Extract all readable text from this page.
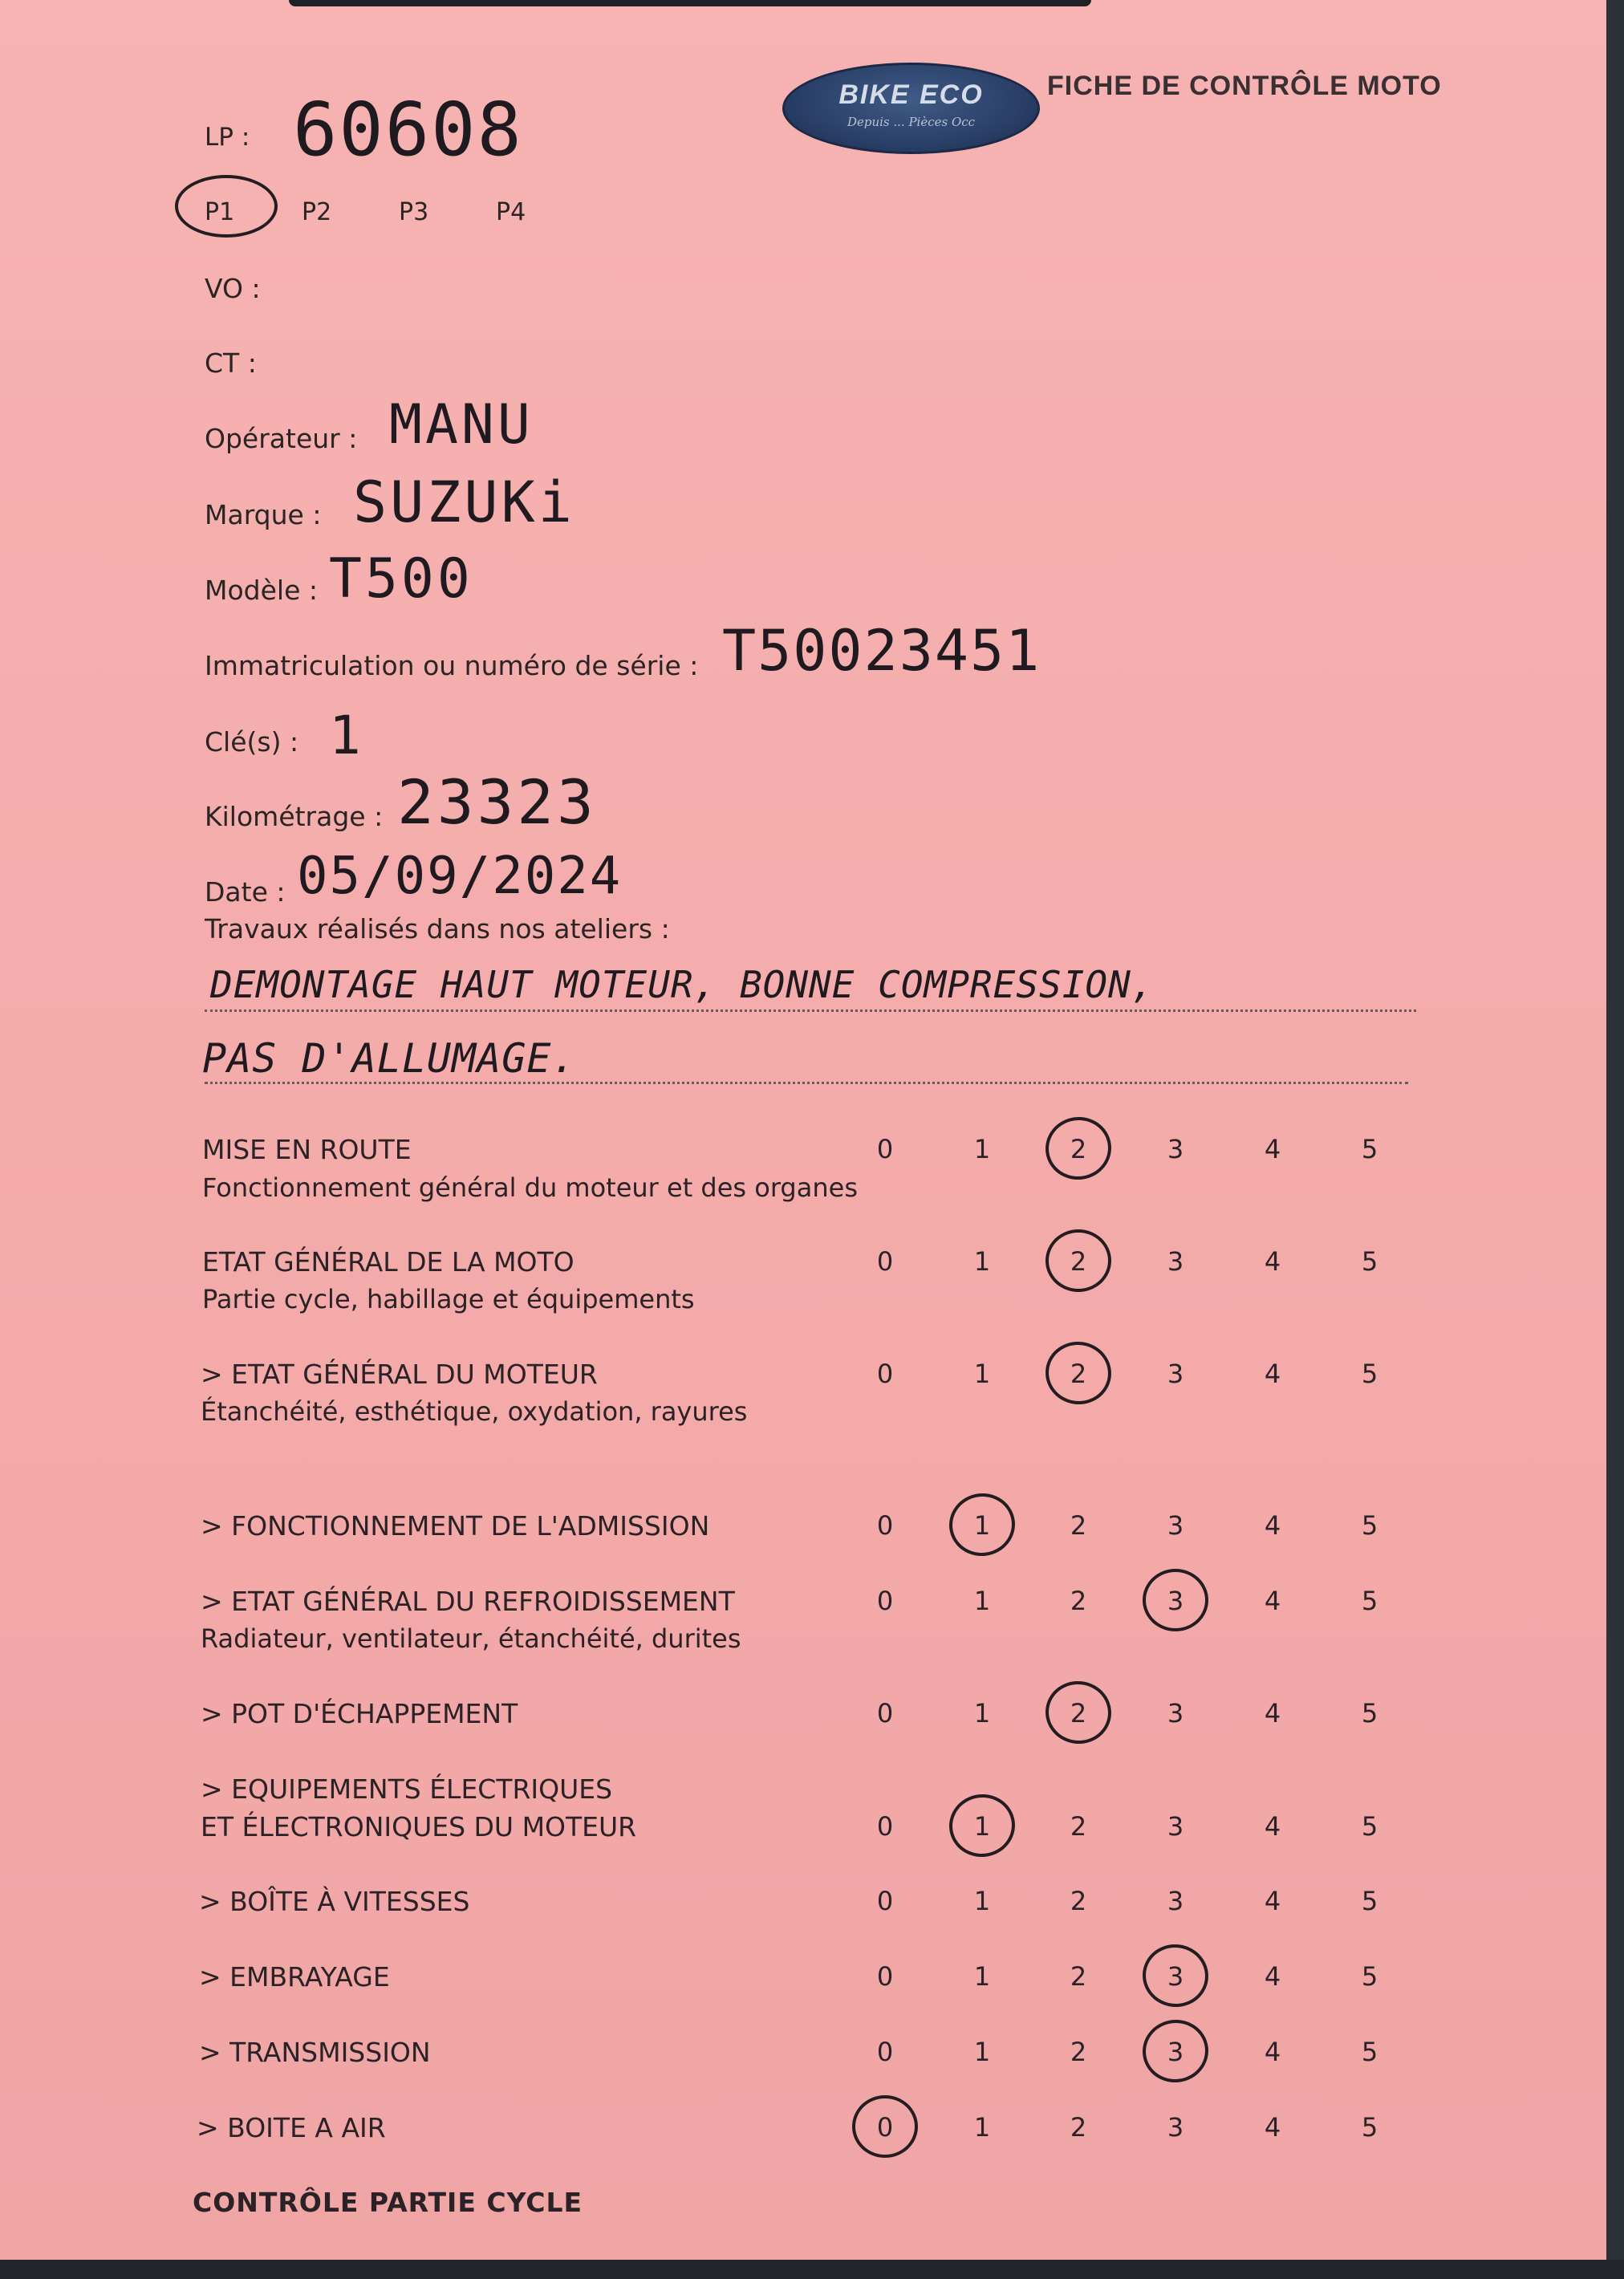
BIKE ECO
Depuis ... Pièces Occ
FICHE DE CONTRÔLE MOTO
LP : 60608
P1	P2	P3	P4
VO :
CT :
Opérateur : MANU
Marque : SUZUKi
Modèle : T500
Immatriculation ou numéro de série : T50023451
Clé(s) : 1
Kilométrage : 23323
Date : 05/09/2024
Travaux réalisés dans nos ateliers :
DEMONTAGE HAUT MOTEUR, BONNE COMPRESSION,
PAS D'ALLUMAGE.
MISE EN ROUTE
Fonctionnement général du moteur et des organes
0	1	2	3	4	5
ETAT GÉNÉRAL DE LA MOTO
Partie cycle, habillage et équipements
0	1	2	3	4	5
> ETAT GÉNÉRAL DU MOTEUR
Étanchéité, esthétique, oxydation, rayures
0	1	2	3	4	5
> FONCTIONNEMENT DE L'ADMISSION	0	1	2	3	4	5
> ETAT GÉNÉRAL DU REFROIDISSEMENT
Radiateur, ventilateur, étanchéité, durites
0	1	2	3	4	5
> POT D'ÉCHAPPEMENT	0	1	2	3	4	5
> EQUIPEMENTS ÉLECTRIQUES
ET ÉLECTRONIQUES DU MOTEUR	0	1	2	3	4	5
> BOÎTE À VITESSES	0	1	2	3	4	5
> EMBRAYAGE	0	1	2	3	4	5
> TRANSMISSION	0	1	2	3	4	5
> BOITE A AIR	0	1	2	3	4	5
CONTRÔLE PARTIE CYCLE
